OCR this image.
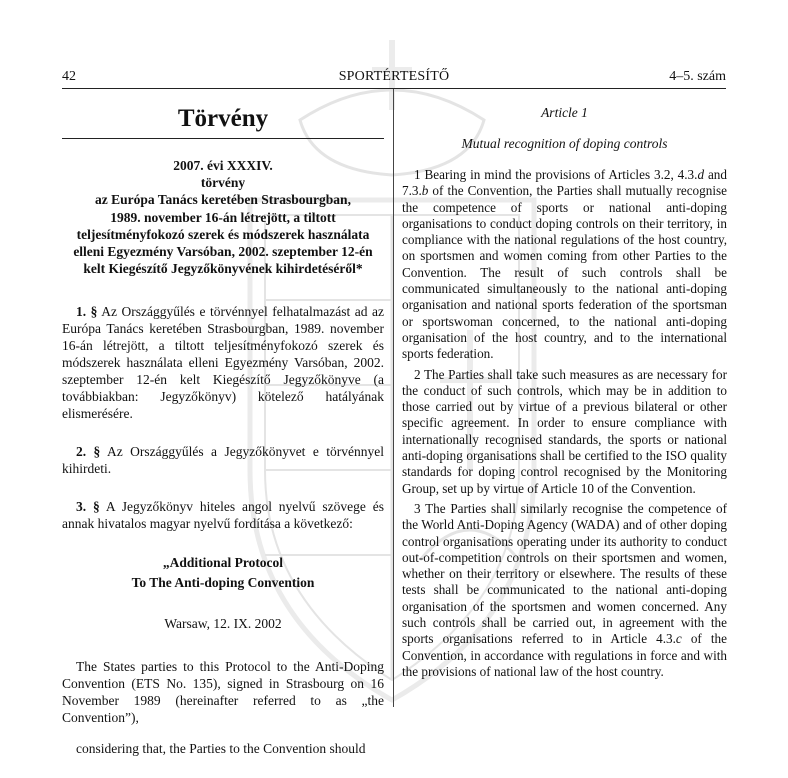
42	SPORTÉRTESÍTŐ	4–5. szám
Törvény
2007. évi XXXIV.
törvény
az Európa Tanács keretében Strasbourgban,
1989. november 16-án létrejött, a tiltott
teljesítményfokozó szerek és módszerek használata
elleni Egyezmény Varsóban, 2002. szeptember 12-én
kelt Kiegészítő Jegyzőkönyvének kihirdetéséről*

1. § Az Országgyűlés e törvénnyel felhatalmazást ad az Európa Tanács keretében Strasbourgban, 1989. november 16-án létrejött, a tiltott teljesítményfokozó szerek és módszerek használata elleni Egyezmény Varsóban, 2002. szeptember 12-én kelt Kiegészítő Jegyzőkönyve (a továbbiakban: Jegyzőkönyv) kötelező hatályának elismerésére.

2. § Az Országgyűlés a Jegyzőkönyvet e törvénnyel kihirdeti.

3. § A Jegyzőkönyv hiteles angol nyelvű szövege és annak hivatalos magyar nyelvű fordítása a következő:

„Additional Protocol
To The Anti-doping Convention
Warsaw, 12. IX. 2002

The States parties to this Protocol to the Anti-Doping Convention (ETS No. 135), signed in Strasbourg on 16 November 1989 (hereinafter referred to as „the Convention”),

considering that, the Parties to the Convention should

Article 1
Mutual recognition of doping controls

1 Bearing in mind the provisions of Articles 3.2, 4.3.d and 7.3.b of the Convention, the Parties shall mutually recognise the competence of sports or national anti-doping organisations to conduct doping controls on their territory, in compliance with the national regulations of the host country, on sportsmen and women coming from other Parties to the Convention. The result of such controls shall be communicated simultaneously to the national anti-doping organisation and national sports federation of the sportsman or sportswoman concerned, to the national anti-doping organisation of the host country, and to the international sports federation.

2 The Parties shall take such measures as are necessary for the conduct of such controls, which may be in addition to those carried out by virtue of a previous bilateral or other specific agreement. In order to ensure compliance with internationally recognised standards, the sports or national anti-doping organisations shall be certified to the ISO quality standards for doping control recognised by the Monitoring Group, set up by virtue of Article 10 of the Convention.

3 The Parties shall similarly recognise the competence of the World Anti-Doping Agency (WADA) and of other doping control organisations operating under its authority to conduct out-of-competition controls on their sportsmen and women, whether on their territory or elsewhere. The results of these tests shall be communicated to the national anti-doping organisation of the sportsmen and women concerned. Any such controls shall be carried out, in agreement with the sports organisations referred to in Article 4.3.c of the Convention, in accordance with regulations in force and with the provisions of national law of the host country.
